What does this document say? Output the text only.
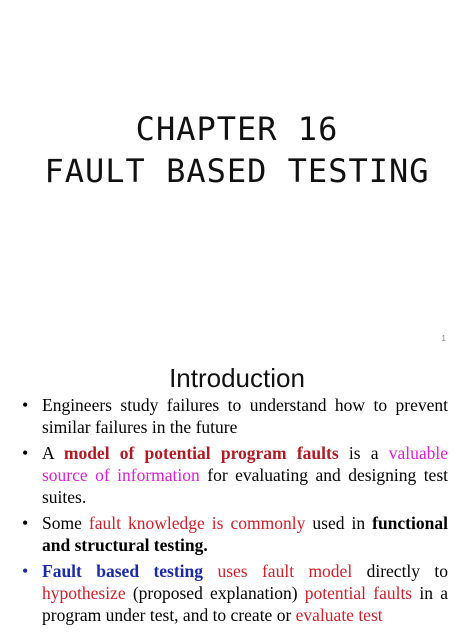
CHAPTER 16
FAULT BASED TESTING
1
Introduction
• Engineers study failures to understand how to prevent similar failures in the future
• A model of potential program faults is a valuable source of information for evaluating and designing test suites.
• Some fault knowledge is commonly used in functional and structural testing.
• Fault based testing uses fault model directly to hypothesize (proposed explanation) potential faults in a program under test, and to create or evaluate test
